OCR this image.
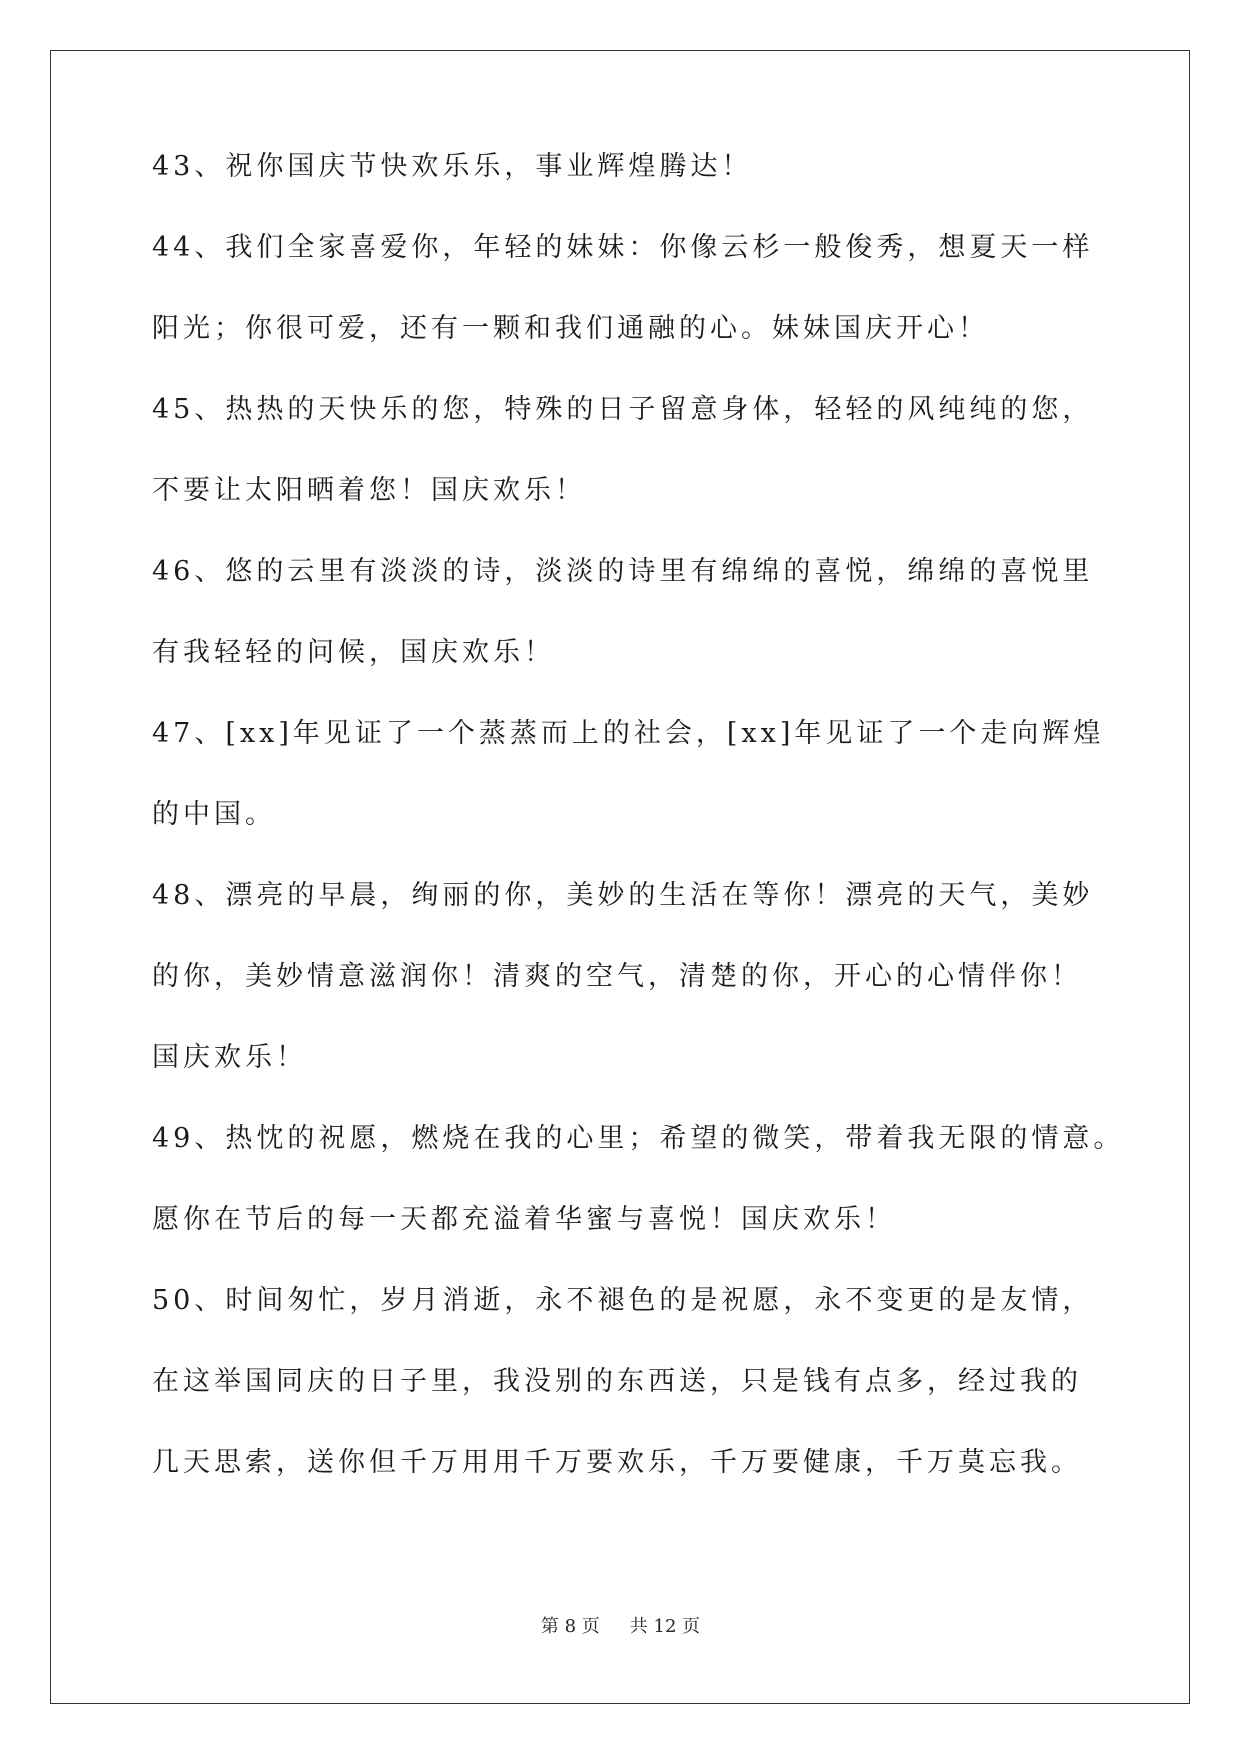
43、祝你国庆节快欢乐乐，事业辉煌腾达！
44、我们全家喜爱你，年轻的妹妹：你像云杉一般俊秀，想夏天一样
阳光；你很可爱，还有一颗和我们通融的心。妹妹国庆开心！
45、热热的天快乐的您，特殊的日子留意身体，轻轻的风纯纯的您，
不要让太阳晒着您！国庆欢乐！
46、悠的云里有淡淡的诗，淡淡的诗里有绵绵的喜悦，绵绵的喜悦里
有我轻轻的问候，国庆欢乐！
47、[xx]年见证了一个蒸蒸而上的社会，[xx]年见证了一个走向辉煌
的中国。
48、漂亮的早晨，绚丽的你，美妙的生活在等你！漂亮的天气，美妙
的你，美妙情意滋润你！清爽的空气，清楚的你，开心的心情伴你！
国庆欢乐！
49、热忱的祝愿，燃烧在我的心里；希望的微笑，带着我无限的情意。
愿你在节后的每一天都充溢着华蜜与喜悦！国庆欢乐！
50、时间匆忙，岁月消逝，永不褪色的是祝愿，永不变更的是友情，
在这举国同庆的日子里，我没别的东西送，只是钱有点多，经过我的
几天思索，送你但千万用用千万要欢乐，千万要健康，千万莫忘我。
第 8 页 共 12 页
